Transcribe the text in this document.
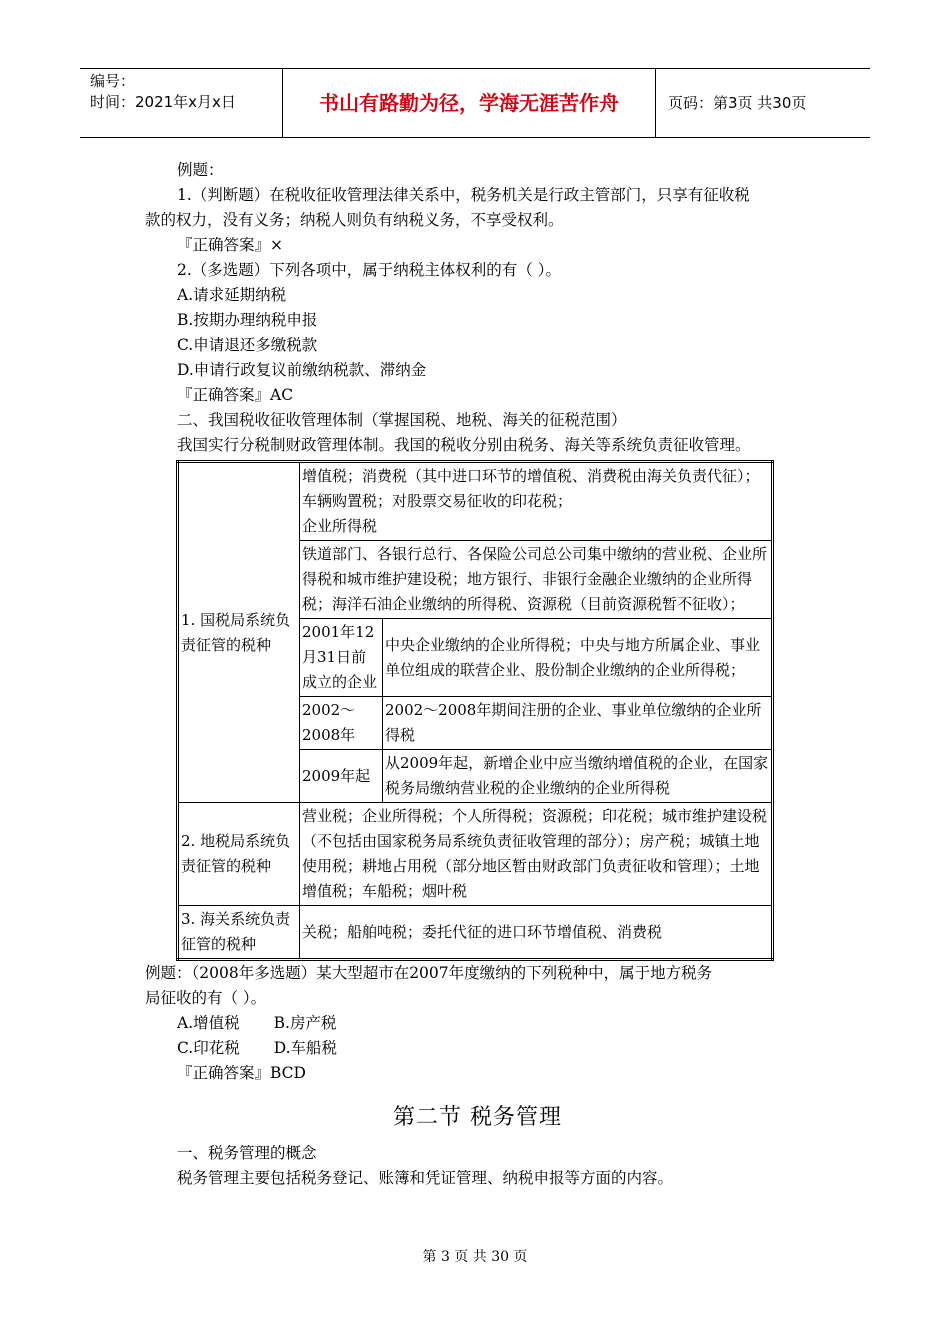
编号：
时间：2021年x月x日	书山有路勤为径，学海无涯苦作舟	页码：第3页 共30页
例题：
1.（判断题）在税收征收管理法律关系中，税务机关是行政主管部门，只享有征收税
款的权力，没有义务；纳税人则负有纳税义务，不享受权利。
『正确答案』×
2.（多选题）下列各项中，属于纳税主体权利的有（ ）。
A.请求延期纳税
B.按期办理纳税申报
C.申请退还多缴税款
D.申请行政复议前缴纳税款、滞纳金
『正确答案』AC
二、我国税收征收管理体制（掌握国税、地税、海关的征税范围）
我国实行分税制财政管理体制。我国的税收分别由税务、海关等系统负责征收管理。
1. 国税局系统负责征管的税种	增值税；消费税（其中进口环节的增值税、消费税由海关负责代征）；车辆购置税；对股票交易征收的印花税；
企业所得税	

	铁道部门、各银行总行、各保险公司总公司集中缴纳的营业税、企业所得税和城市维护建设税；地方银行、非银行金融企业缴纳的企业所得税；海洋石油企业缴纳的所得税、资源税（目前资源税暂不征收）；	
	2001年12月31日前成立的企业	中央企业缴纳的企业所得税；中央与地方所属企业、事业单位组成的联营企业、股份制企业缴纳的企业所得税；
	2002～2008年	2002～2008年期间注册的企业、事业单位缴纳的企业所得税
	2009年起	从2009年起，新增企业中应当缴纳增值税的企业，在国家税务局缴纳营业税的企业缴纳的企业所得税
2. 地税局系统负责征管的税种	营业税；企业所得税；个人所得税；资源税；印花税；城市维护建设税（不包括由国家税务局系统负责征收管理的部分）；房产税；城镇土地使用税；耕地占用税（部分地区暂由财政部门负责征收和管理）；土地增值税；车船税；烟叶税	
3. 海关系统负责征管的税种	关税；船舶吨税；委托代征的进口环节增值税、消费税	
例题：（2008年多选题）某大型超市在2007年度缴纳的下列税种中，属于地方税务
局征收的有（ ）。
A.增值税 B.房产税
C.印花税 D.车船税
『正确答案』BCD
第二节 税务管理
一、税务管理的概念
税务管理主要包括税务登记、账簿和凭证管理、纳税申报等方面的内容。
第 3 页 共 30 页
